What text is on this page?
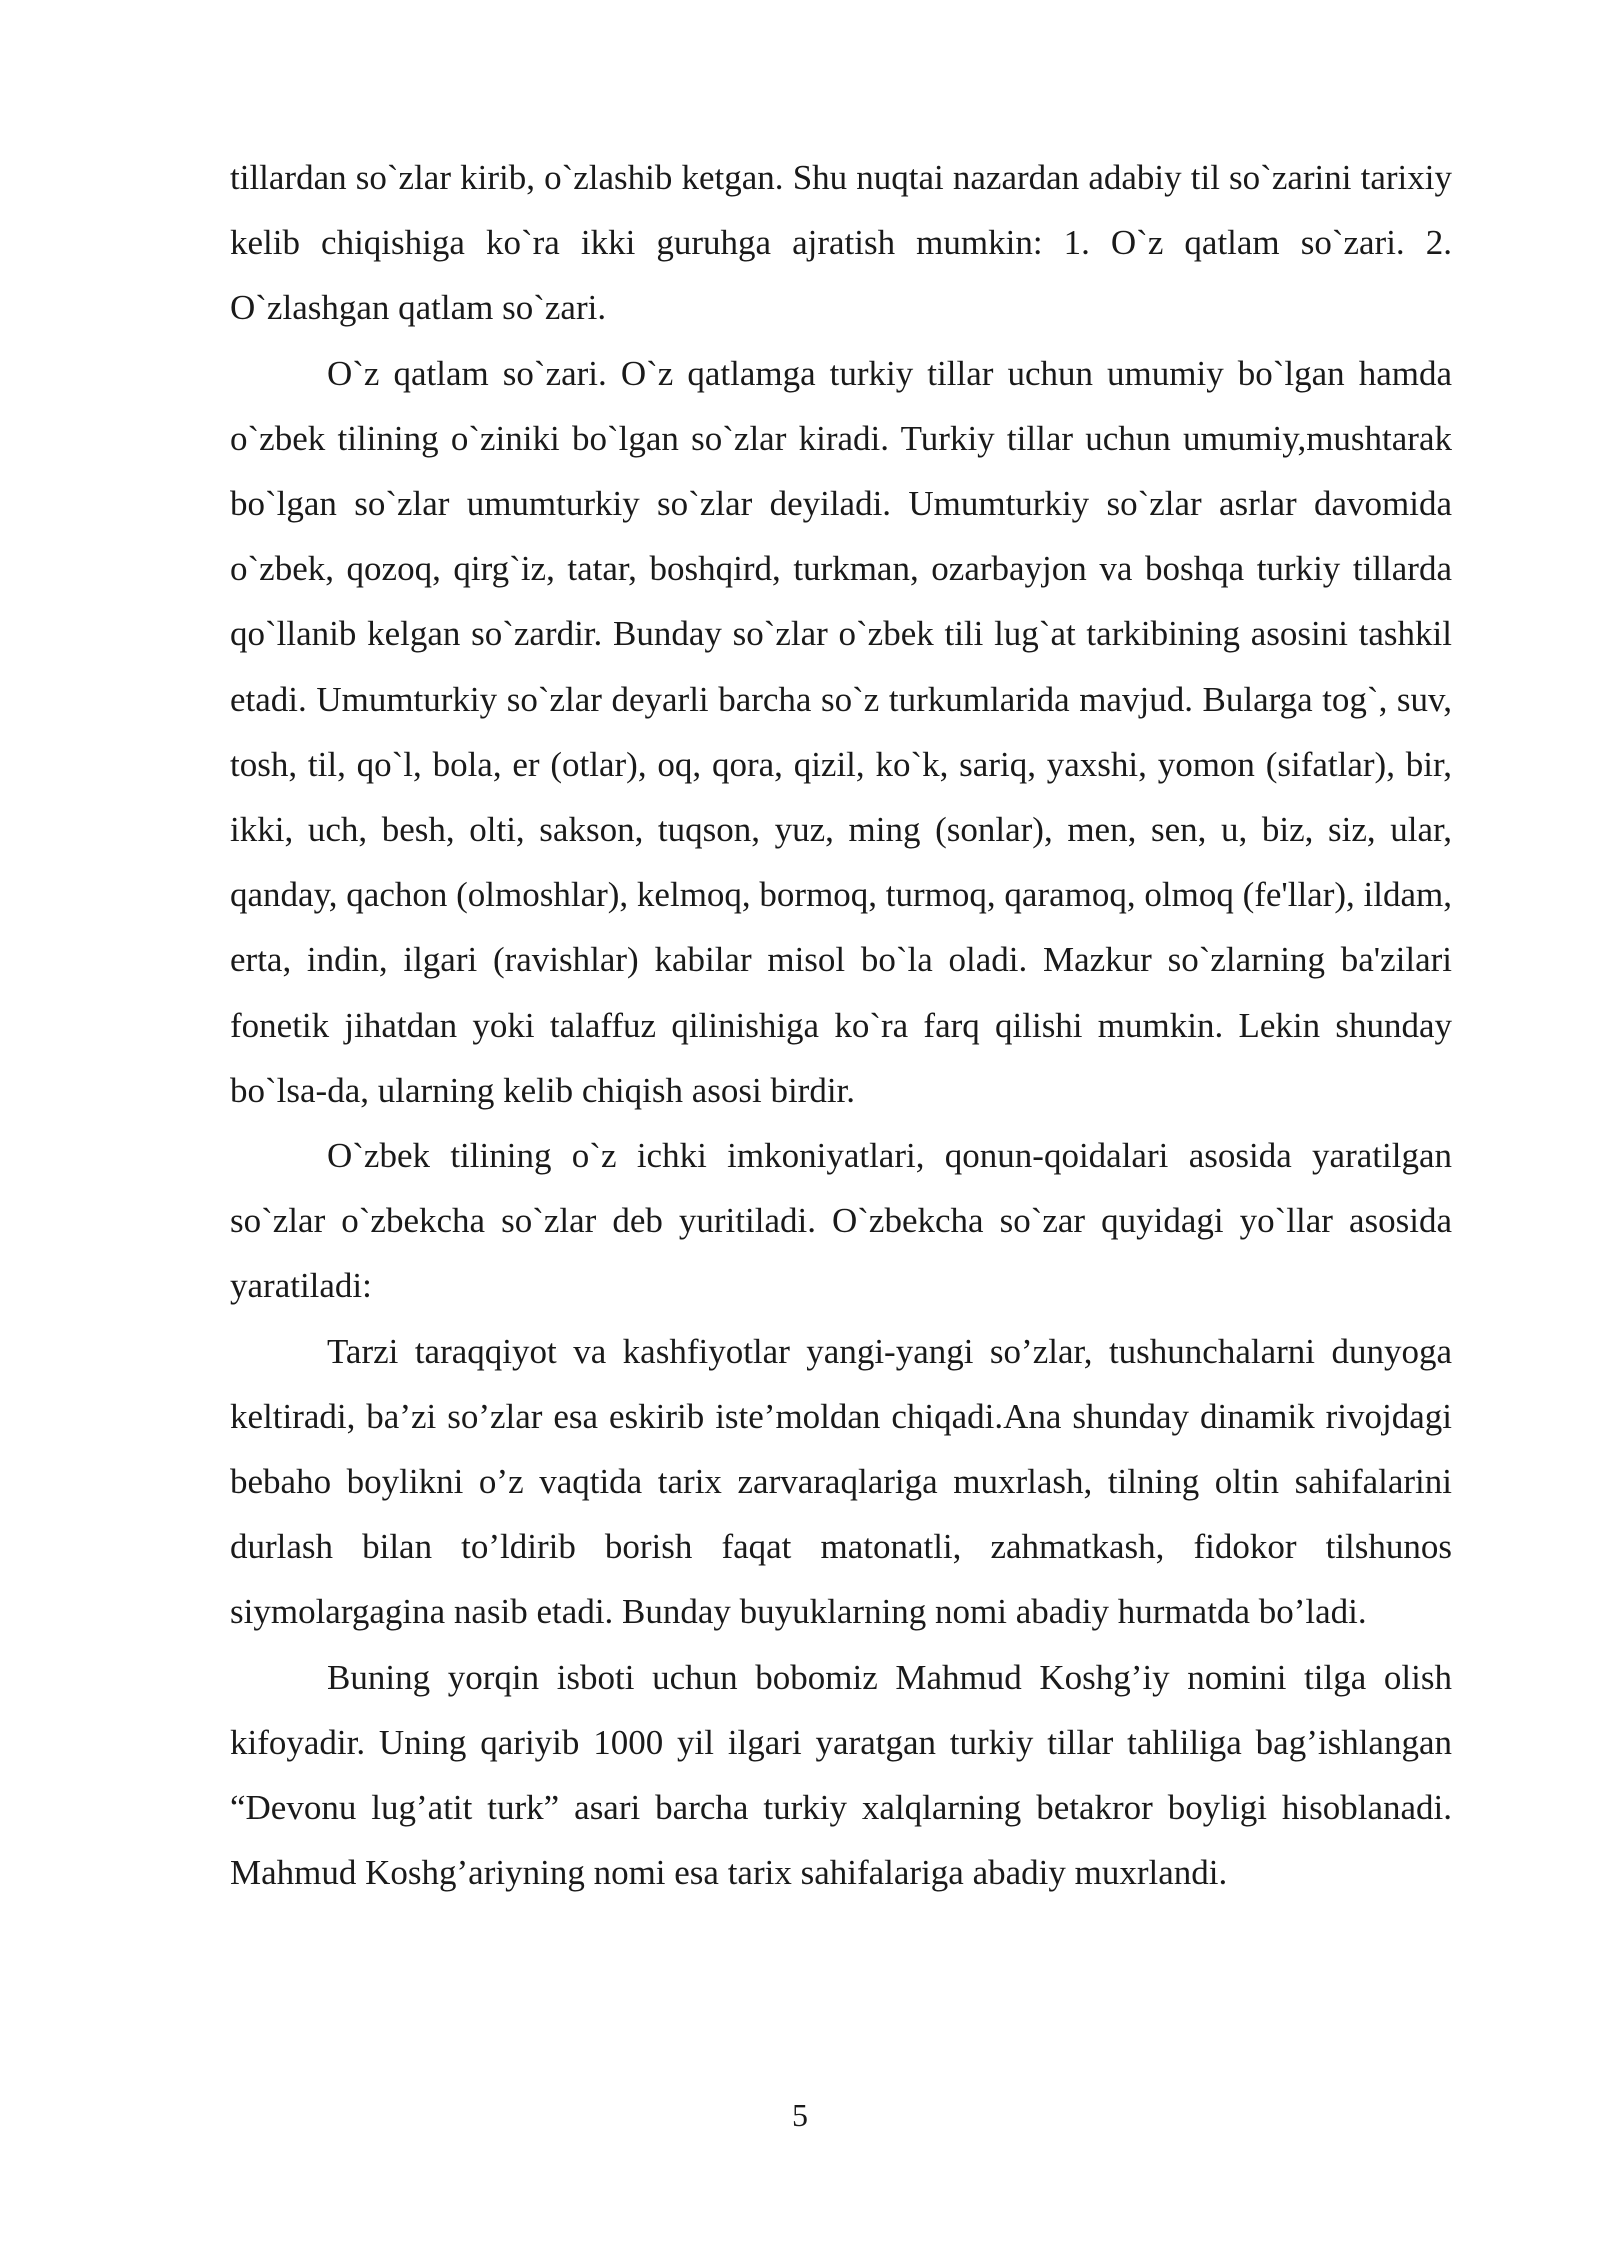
tillardan so`zlar kirib, o`zlashib ketgan. Shu nuqtai nazardan adabiy til so`zarini tarixiy kelib chiqishiga ko`ra ikki guruhga ajratish mumkin: 1. O`z qatlam so`zari. 2. O`zlashgan qatlam so`zari.

O`z qatlam so`zari. O`z qatlamga turkiy tillar uchun umumiy bo`lgan hamda o`zbek tilining o`ziniki bo`lgan so`zlar kiradi. Turkiy tillar uchun umumiy,mushtarak bo`lgan so`zlar umumturkiy so`zlar deyiladi. Umumturkiy so`zlar asrlar davomida o`zbek, qozoq, qirg`iz, tatar, boshqird, turkman, ozarbayjon va boshqa turkiy tillarda qo`llanib kelgan so`zardir. Bunday so`zlar o`zbek tili lug`at tarkibining asosini tashkil etadi. Umumturkiy so`zlar deyarli barcha so`z turkumlarida mavjud. Bularga tog`, suv, tosh, til, qo`l, bola, er (otlar), oq, qora, qizil, ko`k, sariq, yaxshi, yomon (sifatlar), bir, ikki, uch, besh, olti, sakson, tuqson, yuz, ming (sonlar), men, sen, u, biz, siz, ular, qanday, qachon (olmoshlar), kelmoq, bormoq, turmoq, qaramoq, olmoq (fe'llar), ildam, erta, indin, ilgari (ravishlar) kabilar misol bo`la oladi. Mazkur so`zlarning ba'zilari fonetik jihatdan yoki talaffuz qilinishiga ko`ra farq qilishi mumkin. Lekin shunday bo`lsa-da, ularning kelib chiqish asosi birdir.

O`zbek tilining o`z ichki imkoniyatlari, qonun-qoidalari asosida yaratilgan so`zlar o`zbekcha so`zlar deb yuritiladi. O`zbekcha so`zar quyidagi yo`llar asosida yaratiladi:

Tarzi taraqqiyot va kashfiyotlar yangi-yangi so’zlar, tushunchalarni dunyoga keltiradi, ba’zi so’zlar esa eskirib iste’moldan chiqadi.Ana shunday dinamik rivojdagi bebaho boylikni o’z vaqtida tarix zarvaraqlariga muxrlash, tilning oltin sahifalarini durlash bilan to’ldirib borish faqat matonatli, zahmatkash, fidokor tilshunos siymolargagina nasib etadi. Bunday buyuklarning nomi abadiy hurmatda bo’ladi.

Buning yorqin isboti uchun bobomiz Mahmud Koshg’iy nomini tilga olish kifoyadir. Uning qariyib 1000 yil ilgari yaratgan turkiy tillar tahliliga bag’ishlangan “Devonu lug’atit turk” asari barcha turkiy xalqlarning betakror boyligi hisoblanadi. Mahmud Koshg’ariyning nomi esa tarix sahifalariga abadiy muxrlandi.

5
